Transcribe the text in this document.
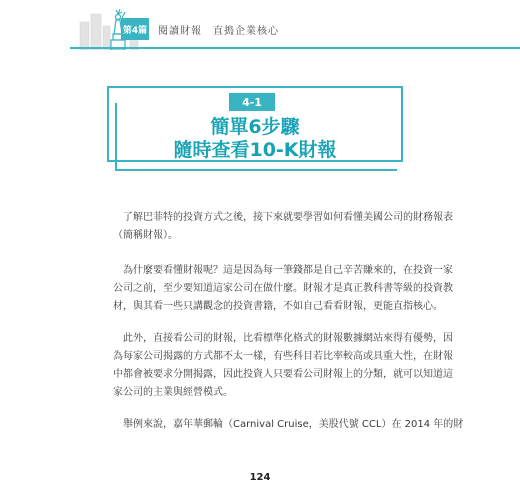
第4篇 閱讀財報　直搗企業核心
4-1
簡單6步驟
隨時查看10-K財報
了解巴菲特的投資方式之後，接下來就要學習如何看懂美國公司的財務報表
（簡稱財報）。
為什麼要看懂財報呢？這是因為每一筆錢都是自己辛苦賺來的，在投資一家
公司之前，至少要知道這家公司在做什麼。財報才是真正教科書等級的投資教
材，與其看一些只講觀念的投資書籍，不如自己看看財報，更能直指核心。
此外，直接看公司的財報，比看標準化格式的財報數據網站來得有優勢，因
為每家公司揭露的方式都不太一樣，有些科目若比率較高或具重大性，在財報
中都會被要求分開揭露，因此投資人只要看公司財報上的分類，就可以知道這
家公司的主業與經營模式。
舉例來說，嘉年華郵輪（Carnival Cruise，美股代號 CCL）在 2014 年的財
124
